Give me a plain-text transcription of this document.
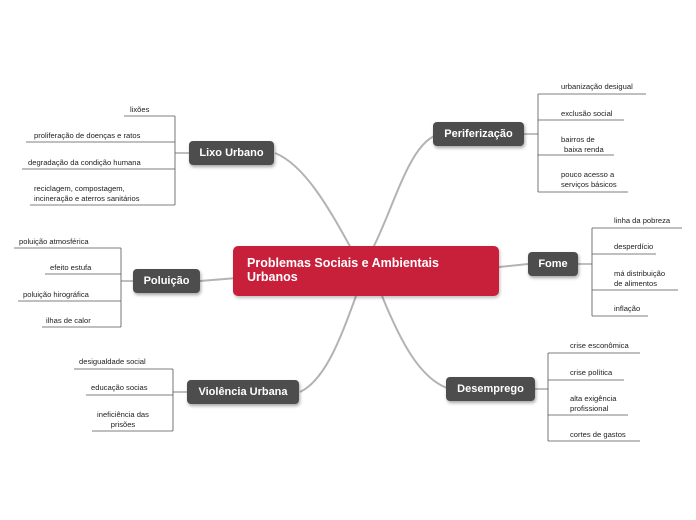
Problemas Sociais e Ambientais
Urbanos
Lixo Urbano
Poluição
Violência Urbana
Periferização
Fome
Desemprego
lixões
proliferação de doenças e ratos
degradação da condição humana
reciclagem, compostagem,
incineração e aterros sanitários
poluição atmosférica
efeito estufa
poluição hirográfica
ilhas de calor
desigualdade social
educação socias
ineficiência das
prisões
urbanização desigual
exclusão social
bairros de
baixa renda
pouco acesso a
serviços básicos
linha da pobreza
desperdício
má distribuição
de alimentos
inflação
crise esconômica
crise política
alta exigência
profissional
cortes de gastos
